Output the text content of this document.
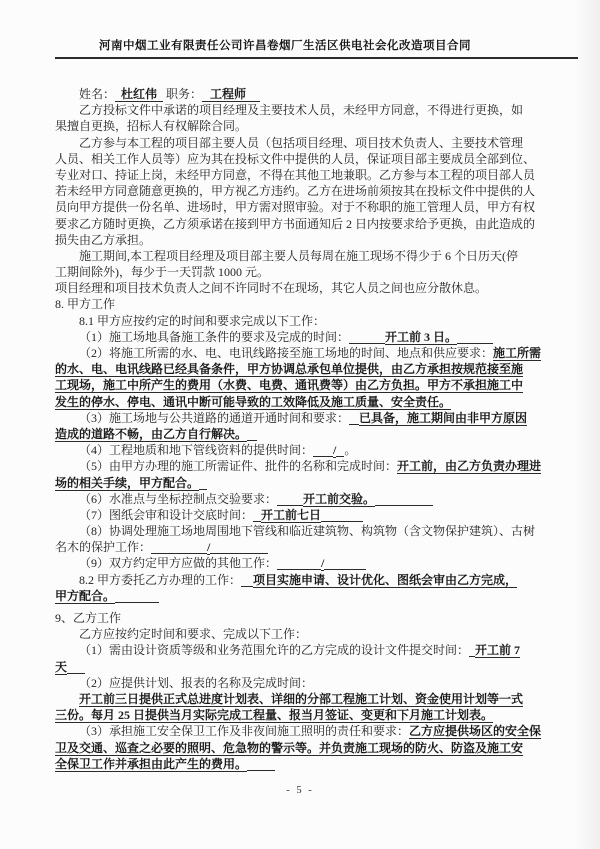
河南中烟工业有限责任公司许昌卷烟厂生活区供电社会化改造项目合同
姓名： 杜红伟 职务： 工程师
乙方投标文件中承诺的项目经理及主要技术人员，未经甲方同意，不得进行更换，如
果擅自更换，招标人有权解除合同。
乙方参与本工程的项目部主要人员（包括项目经理、项目技术负责人、主要技术管理
人员、相关工作人员等）应为其在投标文件中提供的人员，保证项目部主要成员全部到位、
专业对口、持证上岗，未经甲方同意，不得在其他工地兼职。乙方参与本工程的项目部人员
若未经甲方同意随意更换的，甲方视乙方违约。乙方在进场前须按其在投标文件中提供的人
员向甲方提供一份名单、进场时，甲方需对照审验。对于不称职的施工管理人员，甲方有权
要求乙方随时更换，乙方须承诺在接到甲方书面通知后 2 日内按要求给予更换，由此造成的
损失由乙方承担。
施工期间,本工程项目经理及项目部主要人员每周在施工现场不得少于 6 个日历天(停
工期间除外)，每少于一天罚款 1000 元。
项目经理和项目技术负责人之间不许同时不在现场，其它人员之间也应分散休息。
8. 甲方工作
8.1 甲方应按约定的时间和要求完成以下工作：
（1）施工场地具备施工条件的要求及完成的时间：	开工前 3 日。
（2）将施工所需的水、电、电讯线路接至施工场地的时间、地点和供应要求：施工所需
的水、电、电讯线路已经具备条件，甲方协调总承包单位提供，由乙方承担按规范接至施
工现场，施工中所产生的费用（水费、电费、通讯费等）由乙方负担。甲方不承担施工中
发生的停水、停电、通讯中断可能导致的工效降低及施工质量、安全责任。
（3）施工场地与公共道路的通道开通时间和要求： 已具备，施工期间由非甲方原因
造成的道路不畅，由乙方自行解决。
（4）工程地质和地下管线资料的提供时间： / 。
（5）由甲方办理的施工所需证件、批件的名称和完成时间：开工前，由乙方负责办理进
场的相关手续，甲方配合。
（6）水准点与坐标控制点交验要求： 开工前交验。
（7）图纸会审和设计交底时间： 开工前七日
（8）协调处理施工场地周围地下管线和临近建筑物、构筑物（含文物保护建筑）、古树
名木的保护工作：	/
（9）双方约定甲方应做的其他工作：	/
8.2 甲方委托乙方办理的工作： 项目实施申请、设计优化、图纸会审由乙方完成，
甲方配合。
9、乙方工作
乙方应按约定时间和要求、完成以下工作：
（1）需由设计资质等级和业务范围允许的乙方完成的设计文件提交时间： 开工前 7
天
（2）应提供计划、报表的名称及完成时间：
开工前三日提供正式总进度计划表、详细的分部工程施工计划、资金使用计划等一式
三份。每月 25 日提供当月实际完成工程量、报当月签证、变更和下月施工计划表。
（3）承担施工安全保卫工作及非夜间施工照明的责任和要求：乙方应提供场区的安全保
卫及交通、巡查之必要的照明、危急物的警示等。并负责施工现场的防火、防盗及施工安
全保卫工作并承担由此产生的费用。
- 5 -
